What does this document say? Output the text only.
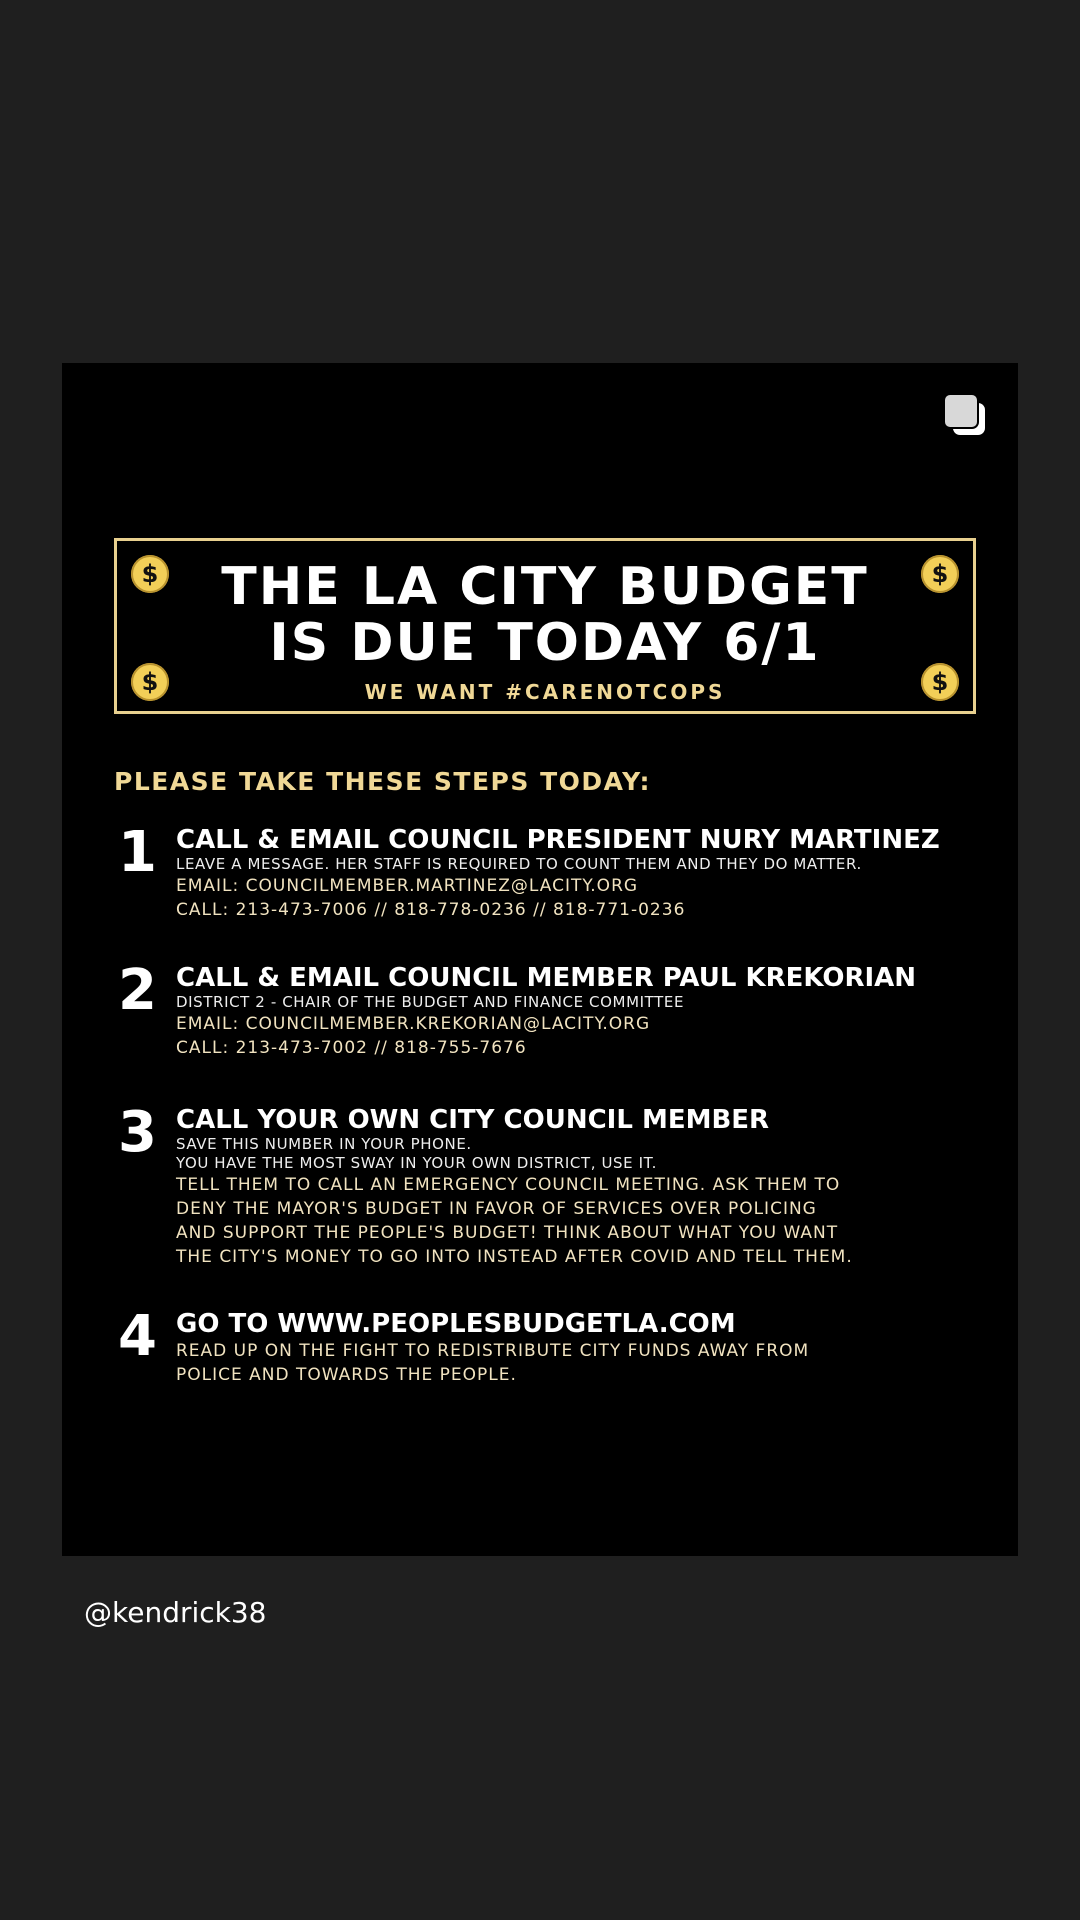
$	$
$	$
THE LA CITY BUDGET
IS DUE TODAY 6/1
WE WANT #CARENOTCOPS
PLEASE TAKE THESE STEPS TODAY:
1 CALL & EMAIL COUNCIL PRESIDENT NURY MARTINEZ
LEAVE A MESSAGE. HER STAFF IS REQUIRED TO COUNT THEM AND THEY DO MATTER.
EMAIL: COUNCILMEMBER.MARTINEZ@LACITY.ORG
CALL: 213-473-7006 // 818-778-0236 // 818-771-0236
2 CALL & EMAIL COUNCIL MEMBER PAUL KREKORIAN
DISTRICT 2 - CHAIR OF THE BUDGET AND FINANCE COMMITTEE
EMAIL: COUNCILMEMBER.KREKORIAN@LACITY.ORG
CALL: 213-473-7002 // 818-755-7676
3 CALL YOUR OWN CITY COUNCIL MEMBER
SAVE THIS NUMBER IN YOUR PHONE.
YOU HAVE THE MOST SWAY IN YOUR OWN DISTRICT, USE IT.
TELL THEM TO CALL AN EMERGENCY COUNCIL MEETING. ASK THEM TO
DENY THE MAYOR'S BUDGET IN FAVOR OF SERVICES OVER POLICING
AND SUPPORT THE PEOPLE'S BUDGET! THINK ABOUT WHAT YOU WANT
THE CITY'S MONEY TO GO INTO INSTEAD AFTER COVID AND TELL THEM.
4 GO TO WWW.PEOPLESBUDGETLA.COM
READ UP ON THE FIGHT TO REDISTRIBUTE CITY FUNDS AWAY FROM
POLICE AND TOWARDS THE PEOPLE.
@kendrick38
